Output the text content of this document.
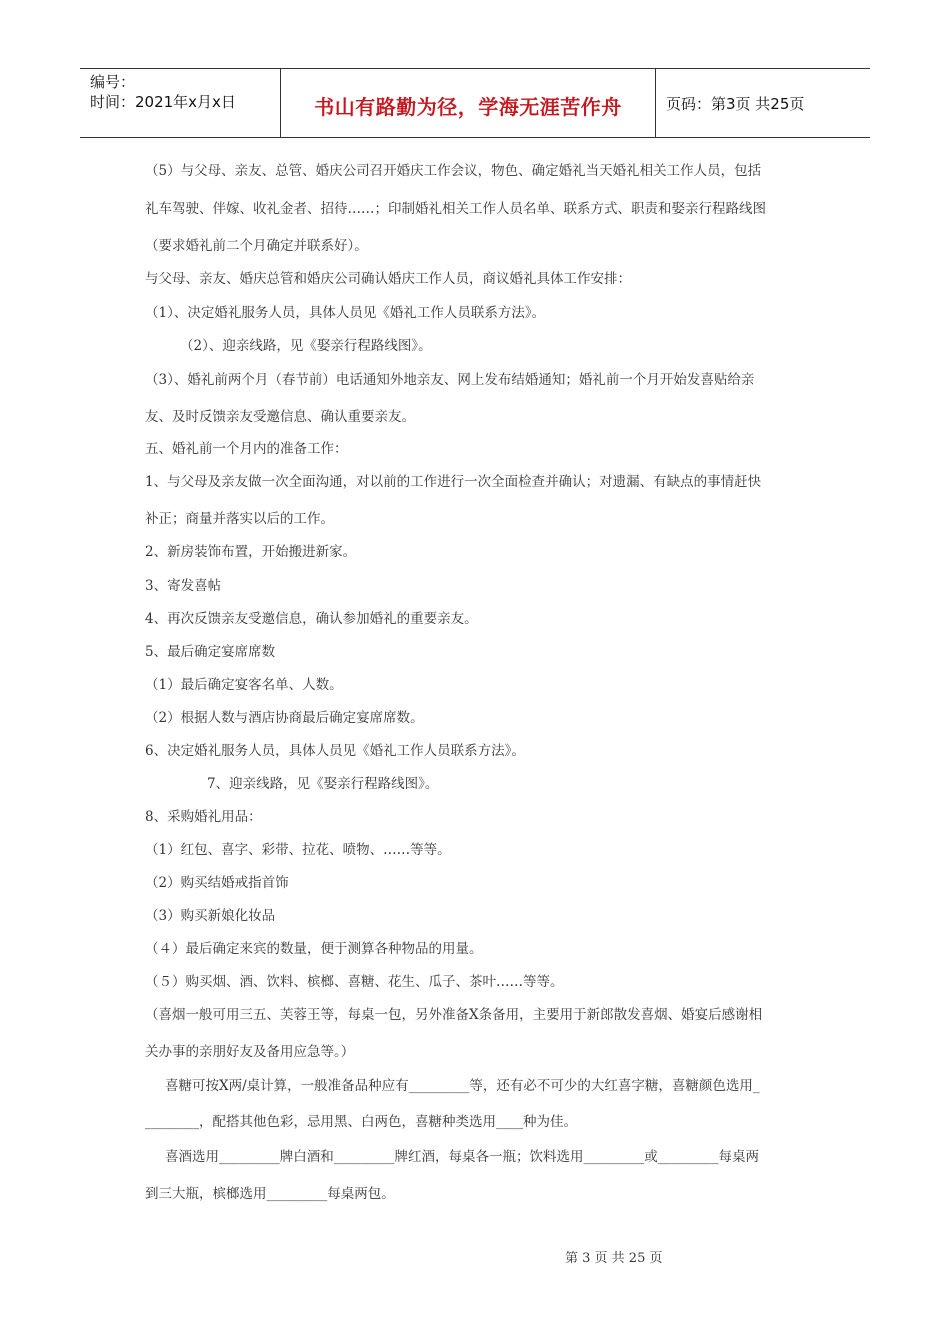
编号：
时间：2021年x月x日	书山有路勤为径，学海无涯苦作舟	页码：第3页 共25页
（5）与父母、亲友、总管、婚庆公司召开婚庆工作会议，物色、确定婚礼当天婚礼相关工作人员，包括
礼车驾驶、伴嫁、收礼金者、招待……；印制婚礼相关工作人员名单、联系方式、职责和娶亲行程路线图
（要求婚礼前二个月确定并联系好）。
与父母、亲友、婚庆总管和婚庆公司确认婚庆工作人员，商议婚礼具体工作安排：
（1）、决定婚礼服务人员，具体人员见《婚礼工作人员联系方法》。
（2）、迎亲线路，见《娶亲行程路线图》。
（3）、婚礼前两个月（春节前）电话通知外地亲友、网上发布结婚通知；婚礼前一个月开始发喜贴给亲
友、及时反馈亲友受邀信息、确认重要亲友。
五、婚礼前一个月内的准备工作：
1、与父母及亲友做一次全面沟通，对以前的工作进行一次全面检查并确认；对遗漏、有缺点的事情赶快
补正；商量并落实以后的工作。
2、新房装饰布置，开始搬进新家。
3、寄发喜帖
4、再次反馈亲友受邀信息，确认参加婚礼的重要亲友。
5、最后确定宴席席数
（1）最后确定宴客名单、人数。
（2）根据人数与酒店协商最后确定宴席席数。
6、决定婚礼服务人员，具体人员见《婚礼工作人员联系方法》。
7、迎亲线路，见《娶亲行程路线图》。
8、采购婚礼用品：
（1）红包、喜字、彩带、拉花、喷物、……等等。
（2）购买结婚戒指首饰
（3）购买新娘化妆品
（４）最后确定来宾的数量，便于测算各种物品的用量。
（５）购买烟、酒、饮料、槟榔、喜糖、花生、瓜子、茶叶……等等。
（喜烟一般可用三五、芙蓉王等，每桌一包，另外准备X条备用，主要用于新郎散发喜烟、婚宴后感谢相
关办事的亲朋好友及备用应急等。）
喜糖可按X两/桌计算，一般准备品种应有_________等，还有必不可少的大红喜字糖，喜糖颜色选用_
________，配搭其他色彩，忌用黑、白两色，喜糖种类选用____种为佳。
喜酒选用_________牌白酒和_________牌红酒，每桌各一瓶；饮料选用_________或_________每桌两
到三大瓶，槟榔选用_________每桌两包。
第 3 页 共 25 页
